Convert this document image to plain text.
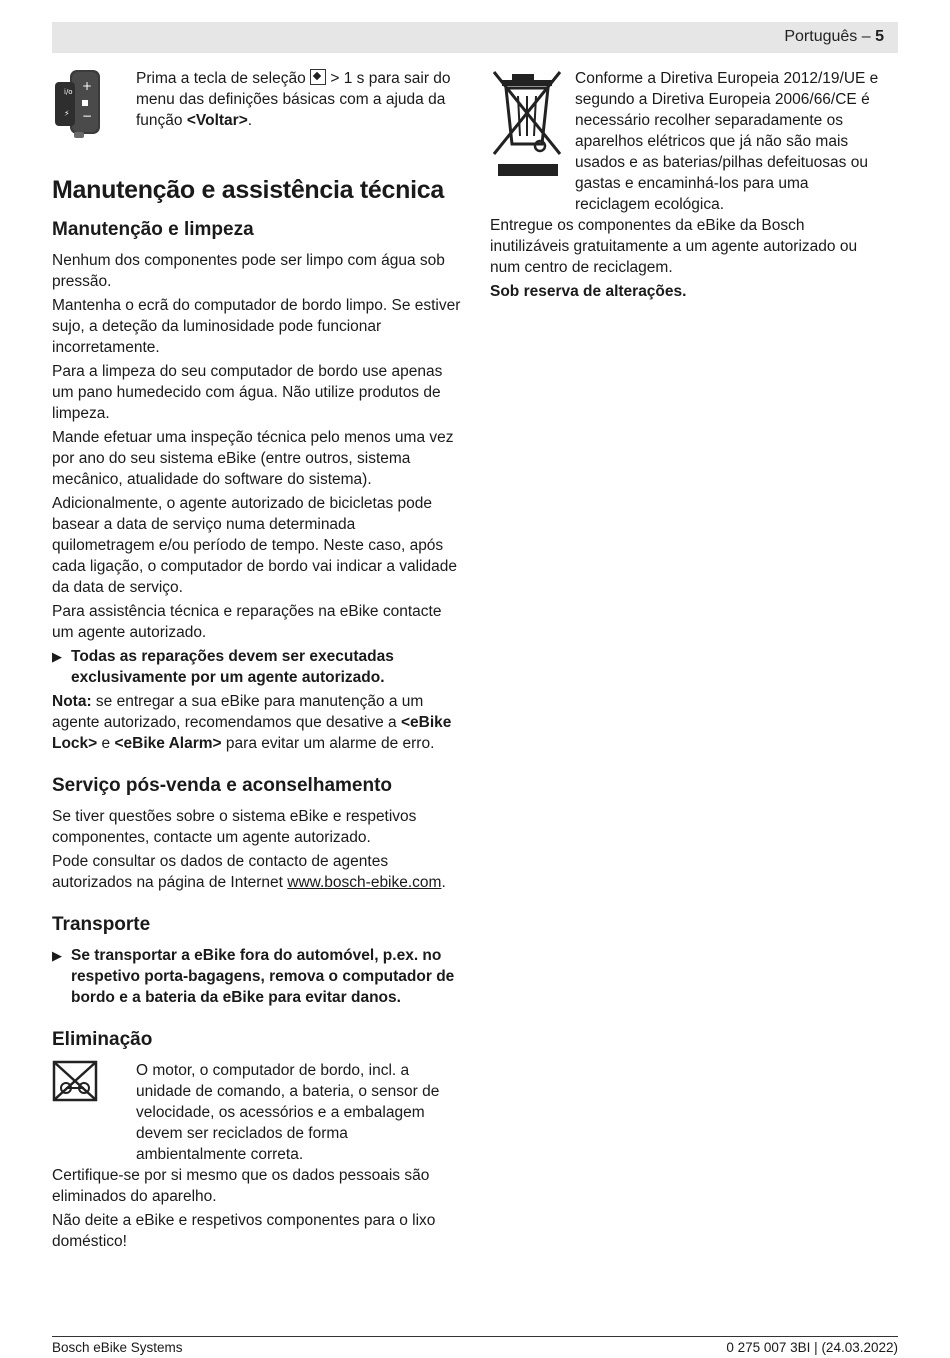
Português – 5
i/o +
⚡ −
Prima a tecla de seleção  > 1 s para sair do menu das definições básicas com a ajuda da função <Voltar>.
Manutenção e assistência técnica
Manutenção e limpeza

Nenhum dos componentes pode ser limpo com água sob pressão.

Mantenha o ecrã do computador de bordo limpo. Se estiver sujo, a deteção da luminosidade pode funcionar incorretamente.

Para a limpeza do seu computador de bordo use apenas um pano humedecido com água. Não utilize produtos de limpeza.

Mande efetuar uma inspeção técnica pelo menos uma vez por ano do seu sistema eBike (entre outros, sistema mecânico, atualidade do software do sistema).

Adicionalmente, o agente autorizado de bicicletas pode basear a data de serviço numa determinada quilometragem e/ou período de tempo. Neste caso, após cada ligação, o computador de bordo vai indicar a validade da data de serviço.

Para assistência técnica e reparações na eBike contacte um agente autorizado.

▶ Todas as reparações devem ser executadas exclusivamente por um agente autorizado.

Nota: se entregar a sua eBike para manutenção a um agente autorizado, recomendamos que desative a <eBike Lock> e <eBike Alarm> para evitar um alarme de erro.

Serviço pós-venda e aconselhamento

Se tiver questões sobre o sistema eBike e respetivos componentes, contacte um agente autorizado.

Pode consultar os dados de contacto de agentes autorizados na página de Internet www.bosch-ebike.com.

Transporte
▶ Se transportar a eBike fora do automóvel, p.ex. no respetivo porta-bagagens, remova o computador de bordo e a bateria da eBike para evitar danos.
Eliminação
O motor, o computador de bordo, incl. a unidade de comando, a bateria, o sensor de velocidade, os acessórios e a embalagem devem ser reciclados de forma ambientalmente correta.

Certifique-se por si mesmo que os dados pessoais são eliminados do aparelho.

Não deite a eBike e respetivos componentes para o lixo doméstico!

Conforme a Diretiva Europeia 2012/19/UE e segundo a Diretiva Europeia 2006/66/CE é necessário recolher separadamente os aparelhos elétricos que já não são mais usados e as baterias/pilhas defeituosas ou gastas e encaminhá-los para uma reciclagem ecológica.

Entregue os componentes da eBike da Bosch inutilizáveis gratuitamente a um agente autorizado ou num centro de reciclagem.

Sob reserva de alterações.

Bosch eBike Systems	0 275 007 3BI | (24.03.2022)
